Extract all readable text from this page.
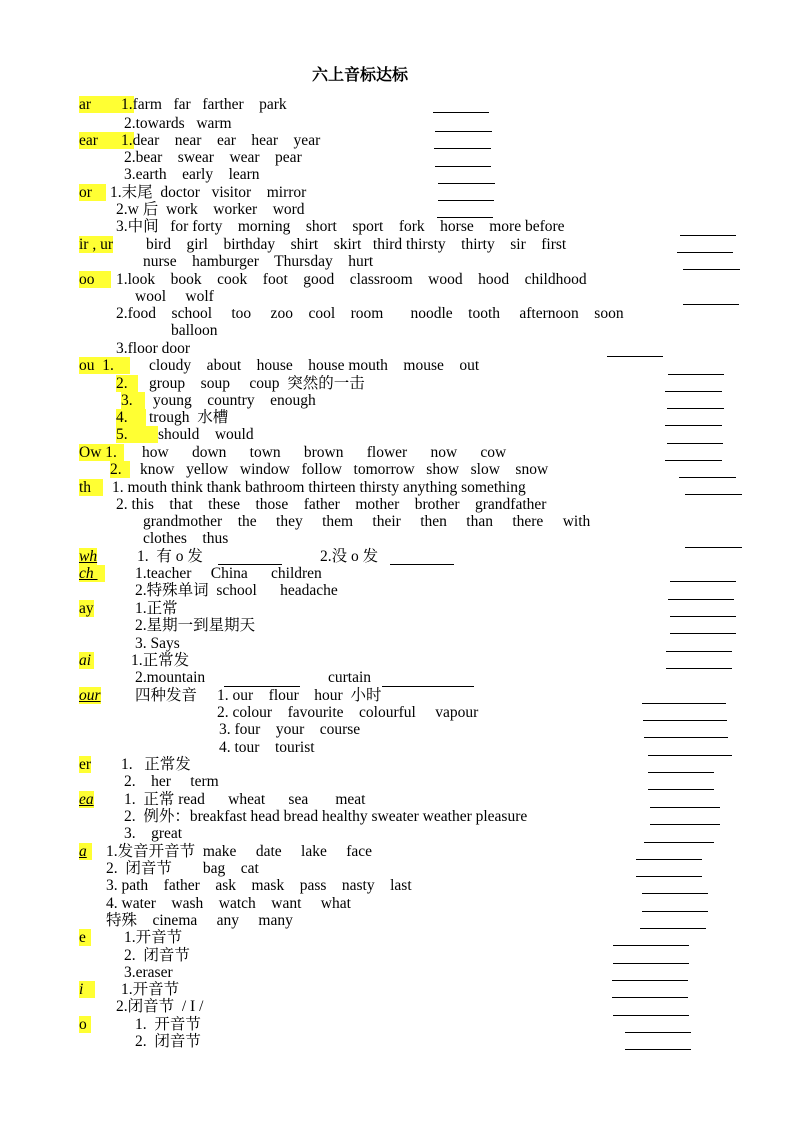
六上音标达标
ar 1.farm   far   farther    park
2.towards   warm
ear 1.dear    near    ear    hear    year
2.bear    swear    wear    pear
3.earth    early    learn
or 1.末尾  doctor   visitor    mirror
2.w 后  work    worker    word
3.中间   for forty    morning    short    sport    fork    horse    more before
ir , ur bird    girl    birthday    shirt    skirt   third thirsty    thirty    sir    first
nurse    hamburger    Thursday    hurt
oo 1.look    book    cook    foot    good    classroom    wood    hood    childhood
wool     wolf
2.food    school     too     zoo    cool    room       noodle    tooth     afternoon    soon
balloon
3.floor door
ou  1.	cloudy    about    house    house mouth    mouse    out
2.	group    soup     coup  突然的一击
3.	young    country    enough
4.	trough  水槽
5.	should    would
Ow 1.	how      down      town      brown      flower      now      cow
2.	know   yellow   window   follow   tomorrow   show   slow    snow
th	1. mouth think thank bathroom thirteen thirsty anything something
2. this    that    these    those    father    mother    brother    grandfather
grandmother    the     they     them     their     then     than     there     with
clothes    thus
wh	1.  有 o 发	2.没 o 发
ch	1.teacher     China      children
2.特殊单词  school      headache
ay	1.正常
2.星期一到星期天
3. Says
ai	1.正常发
2.mountain	curtain
our 四种发音 1. our    flour    hour  小时
2. colour    favourite    colourful     vapour
3. four    your    course
4. tour    tourist
er 1.   正常发
2.    her     term
ea 1.  正常 read      wheat      sea       meat
2.  例外：breakfast head bread healthy sweater weather pleasure
3.    great
a	1.发音开音节  make     date     lake     face
2.  闭音节        bag    cat
3. path    father    ask    mask    pass    nasty    last
4. water    wash    watch    want     what
特殊    cinema     any     many
e	1.开音节
2.  闭音节
3.eraser
i	1.开音节
2.闭音节  / I /
o	1.  开音节
2.  闭音节
